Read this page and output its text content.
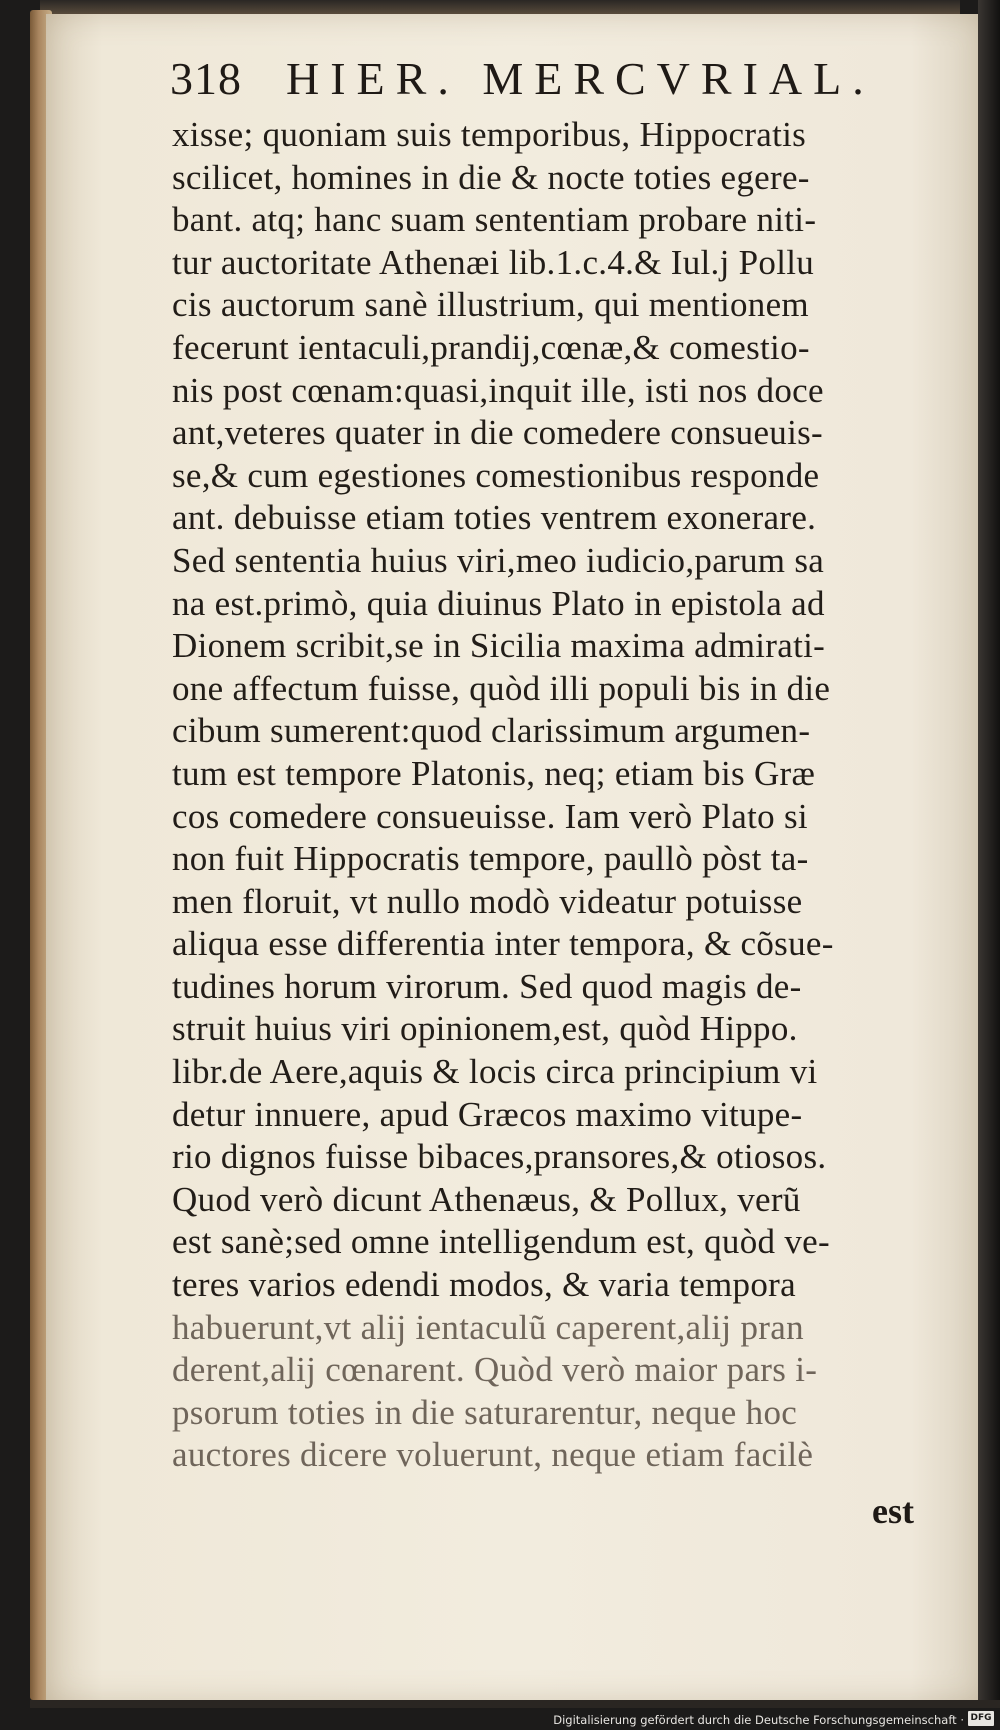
318 HIER. MERCVRIAL.
xisse; quoniam suis temporibus, Hippocratis
scilicet, homines in die & nocte toties egere-
bant. atq; hanc suam sententiam probare niti-
tur auctoritate Athenæi lib.1.c.4.& Iul.j Pollu
cis auctorum sanè illustrium, qui mentionem
fecerunt ientaculi,prandij,cœnæ,& comestio-
nis post cœnam:quasi,inquit ille, isti nos doce
ant,veteres quater in die comedere consueuis-
se,& cum egestiones comestionibus responde
ant. debuisse etiam toties ventrem exonerare.
Sed sententia huius viri,meo iudicio,parum sa
na est.primò, quia diuinus Plato in epistola ad
Dionem scribit,se in Sicilia maxima admirati-
one affectum fuisse, quòd illi populi bis in die
cibum sumerent:quod clarissimum argumen-
tum est tempore Platonis, neq; etiam bis Græ
cos comedere consueuisse. Iam verò Plato si
non fuit Hippocratis tempore, paullò pòst ta-
men floruit, vt nullo modò videatur potuisse
aliqua esse differentia inter tempora, & cõsue-
tudines horum virorum. Sed quod magis de-
struit huius viri opinionem,est, quòd Hippo.
libr.de Aere,aquis & locis circa principium vi
detur innuere, apud Græcos maximo vitupe-
rio dignos fuisse bibaces,pransores,& otiosos.
Quod verò dicunt Athenæus, & Pollux, verũ
est sanè;sed omne intelligendum est, quòd ve-
teres varios edendi modos, & varia tempora
habuerunt,vt alij ientaculũ caperent,alij pran
derent,alij cœnarent. Quòd verò maior pars i-
psorum toties in die saturarentur, neque hoc
auctores dicere voluerunt, neque etiam facilè
est
Digitalisierung gefördert durch die Deutsche Forschungsgemeinschaft · DFG
